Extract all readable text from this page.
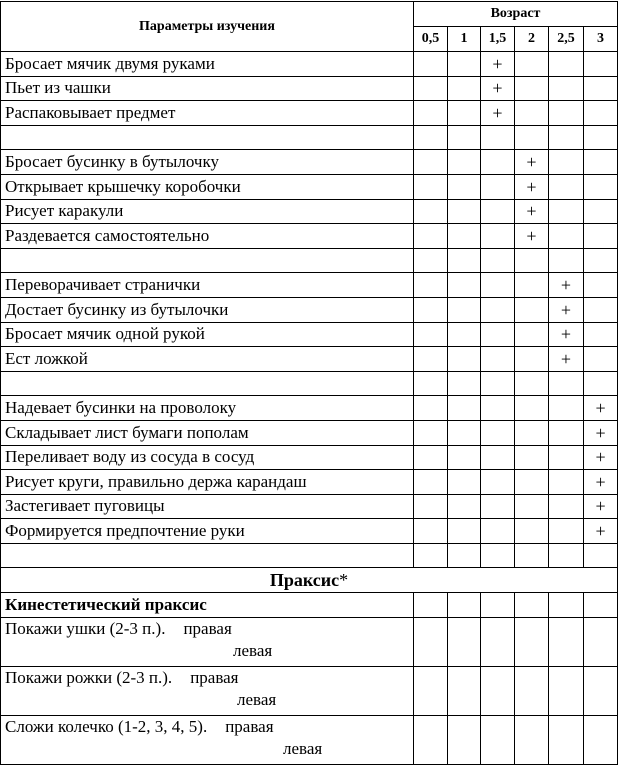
Параметры изучения	Возраст					
	0,5	1	1,5	2	2,5	3
Бросает мячик двумя руками			+			
Пьет из чашки			+			
Распаковывает предмет			+			

Бросает бусинку в бутылочку				+		
Открывает крышечку коробочки				+		
Рисует каракули				+		
Раздевается самостоятельно				+		

Переворачивает странички					+	
Достает бусинку из бутылочки					+	
Бросает мячик одной рукой					+	
Ест ложкой					+	

Надевает бусинки на проволоку						+
Складывает лист бумаги пополам						+
Переливает воду из сосуда в сосуд						+
Рисует круги, правильно держа карандаш						+
Застегивает пуговицы						+
Формируется предпочтение руки						+

Праксис*						
Кинестетический праксис						

Покажи ушки (2-3 п.). правая
левая						

Покажи рожки (2-3 п.). правая
левая						

Сложи колечко (1-2, 3, 4, 5). правая
левая						
